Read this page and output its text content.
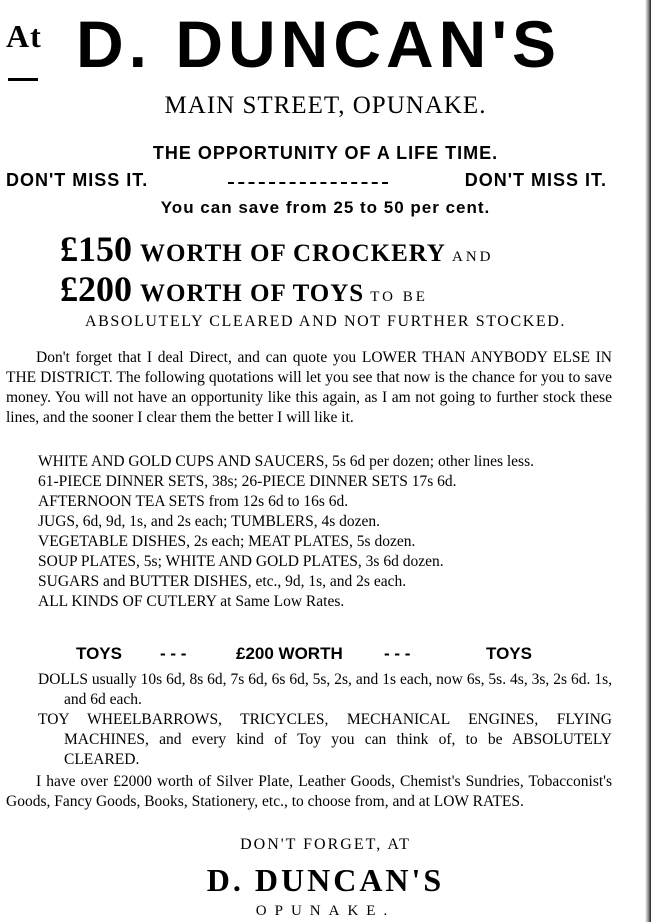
At D. DUNCAN'S
MAIN STREET, OPUNAKE.
THE OPPORTUNITY OF A LIFE TIME.
DON'T MISS IT.	DON'T MISS IT.
You can save from 25 to 50 per cent.
£150 WORTH OF CROCKERY AND
£200 WORTH OF TOYS TO BE
ABSOLUTELY CLEARED AND NOT FURTHER STOCKED.

Don't forget that I deal Direct, and can quote you LOWER THAN ANYBODY ELSE IN THE DISTRICT. The following quotations will let you see that now is the chance for you to save money. You will not have an opportunity like this again, as I am not going to further stock these lines, and the sooner I clear them the better I will like it.

WHITE AND GOLD CUPS AND SAUCERS, 5s 6d per dozen; other lines less.
61-PIECE DINNER SETS, 38s; 26-PIECE DINNER SETS 17s 6d.
AFTERNOON TEA SETS from 12s 6d to 16s 6d.
JUGS, 6d, 9d, 1s, and 2s each; TUMBLERS, 4s dozen.
VEGETABLE DISHES, 2s each; MEAT PLATES, 5s dozen.
SOUP PLATES, 5s; WHITE AND GOLD PLATES, 3s 6d dozen.
SUGARS and BUTTER DISHES, etc., 9d, 1s, and 2s each.
ALL KINDS OF CUTLERY at Same Low Rates.
TOYS - - -	£200 WORTH - - -	TOYS

DOLLS usually 10s 6d, 8s 6d, 7s 6d, 6s 6d, 5s, 2s, and 1s each, now 6s, 5s. 4s, 3s, 2s 6d. 1s, and 6d each.

TOY WHEELBARROWS, TRICYCLES, MECHANICAL ENGINES, FLYING MACHINES, and every kind of Toy you can think of, to be ABSOLUTELY CLEARED.

I have over £2000 worth of Silver Plate, Leather Goods, Chemist's Sundries, Tobacconist's Goods, Fancy Goods, Books, Stationery, etc., to choose from, and at LOW RATES.

DON'T FORGET, AT
D. DUNCAN'S
OPUNAKE.
